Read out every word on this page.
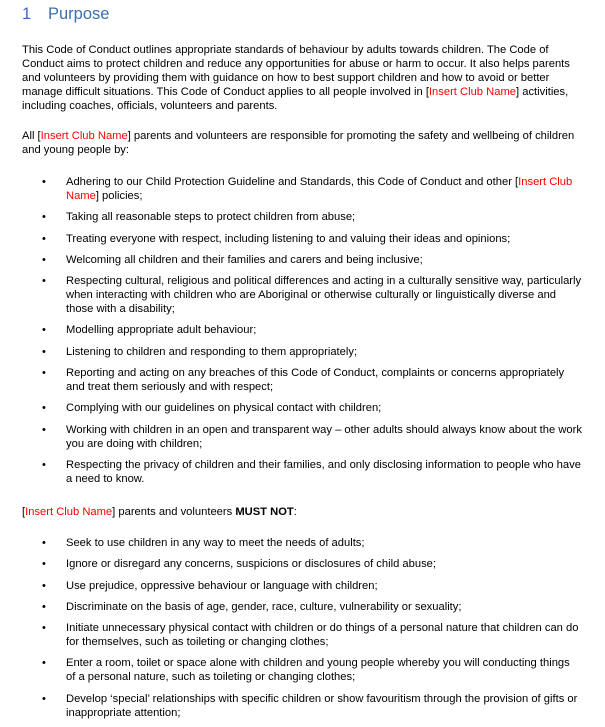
1 Purpose

This Code of Conduct outlines appropriate standards of behaviour by adults towards children. The Code of Conduct aims to protect children and reduce any opportunities for abuse or harm to occur. It also helps parents and volunteers by providing them with guidance on how to best support children and how to avoid or better manage difficult situations. This Code of Conduct applies to all people involved in [Insert Club Name] activities, including coaches, officials, volunteers and parents.

All [Insert Club Name] parents and volunteers are responsible for promoting the safety and wellbeing of children and young people by:

• Adhering to our Child Protection Guideline and Standards, this Code of Conduct and other [Insert Club Name] policies;
• Taking all reasonable steps to protect children from abuse;
• Treating everyone with respect, including listening to and valuing their ideas and opinions;
• Welcoming all children and their families and carers and being inclusive;
• Respecting cultural, religious and political differences and acting in a culturally sensitive way, particularly when interacting with children who are Aboriginal or otherwise culturally or linguistically diverse and those with a disability;
• Modelling appropriate adult behaviour;
• Listening to children and responding to them appropriately;
• Reporting and acting on any breaches of this Code of Conduct, complaints or concerns appropriately and treat them seriously and with respect;
• Complying with our guidelines on physical contact with children;
• Working with children in an open and transparent way – other adults should always know about the work you are doing with children;
• Respecting the privacy of children and their families, and only disclosing information to people who have a need to know.

[Insert Club Name] parents and volunteers MUST NOT:

• Seek to use children in any way to meet the needs of adults;
• Ignore or disregard any concerns, suspicions or disclosures of child abuse;
• Use prejudice, oppressive behaviour or language with children;
• Discriminate on the basis of age, gender, race, culture, vulnerability or sexuality;
• Initiate unnecessary physical contact with children or do things of a personal nature that children can do for themselves, such as toileting or changing clothes;
• Enter a room, toilet or space alone with children and young people whereby you will conducting things of a personal nature, such as toileting or changing clothes;
• Develop ‘special’ relationships with specific children or show favouritism through the provision of gifts or inappropriate attention;
